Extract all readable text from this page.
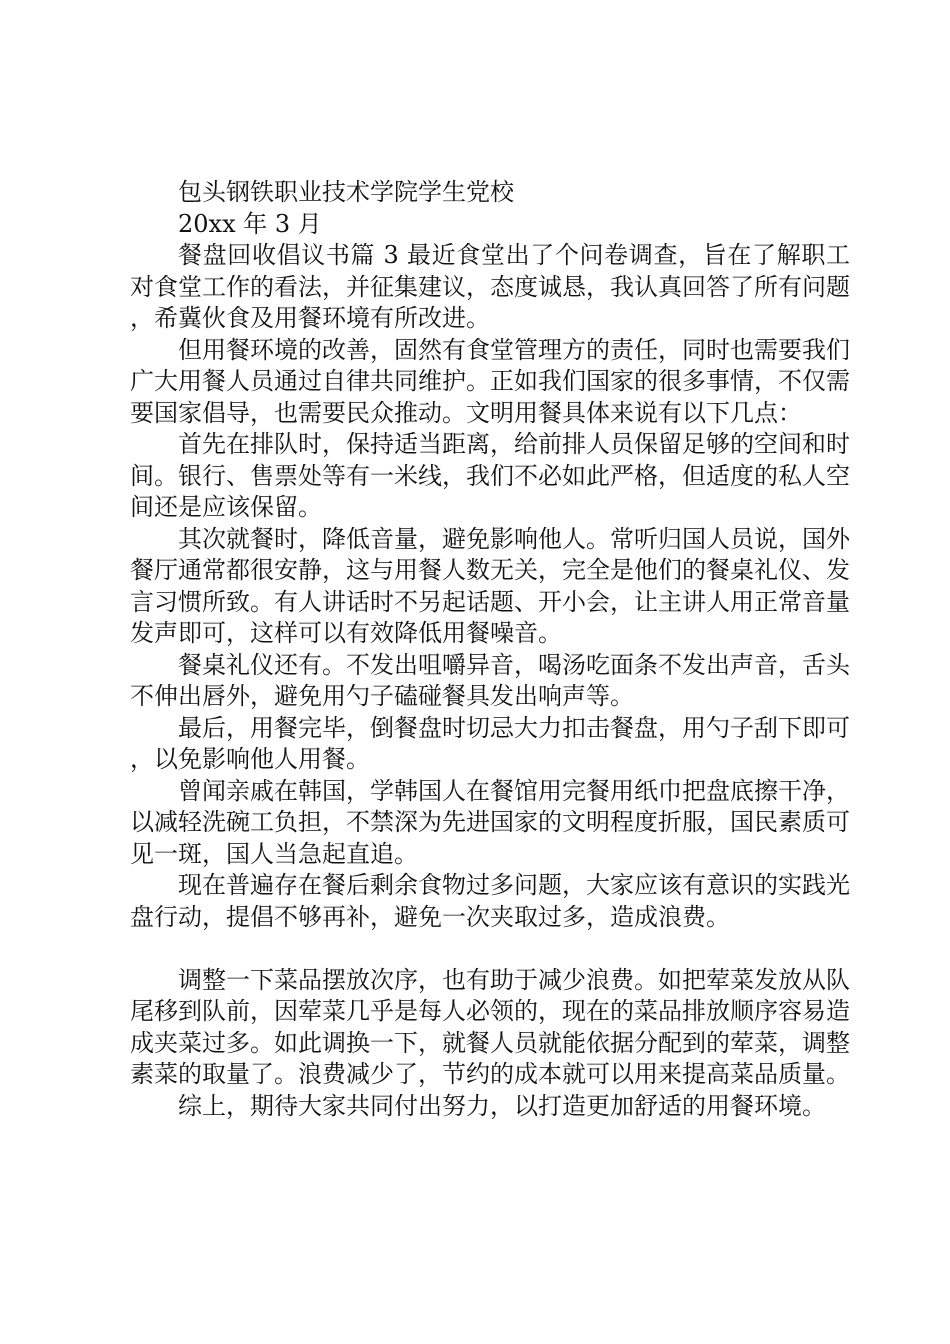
包头钢铁职业技术学院学生党校

20xx 年 3 月

餐盘回收倡议书篇 3 最近食堂出了个问卷调查，旨在了解职工对食堂工作的看法，并征集建议，态度诚恳，我认真回答了所有问题，希冀伙食及用餐环境有所改进。

但用餐环境的改善，固然有食堂管理方的责任，同时也需要我们广大用餐人员通过自律共同维护。正如我们国家的很多事情，不仅需要国家倡导，也需要民众推动。文明用餐具体来说有以下几点：

首先在排队时，保持适当距离，给前排人员保留足够的空间和时间。银行、售票处等有一米线，我们不必如此严格，但适度的私人空间还是应该保留。

其次就餐时，降低音量，避免影响他人。常听归国人员说，国外餐厅通常都很安静，这与用餐人数无关，完全是他们的餐桌礼仪、发言习惯所致。有人讲话时不另起话题、开小会，让主讲人用正常音量发声即可，这样可以有效降低用餐噪音。

餐桌礼仪还有。不发出咀嚼异音，喝汤吃面条不发出声音，舌头不伸出唇外，避免用勺子磕碰餐具发出响声等。

最后，用餐完毕，倒餐盘时切忌大力扣击餐盘，用勺子刮下即可，以免影响他人用餐。

曾闻亲戚在韩国，学韩国人在餐馆用完餐用纸巾把盘底擦干净，以减轻洗碗工负担，不禁深为先进国家的文明程度折服，国民素质可见一斑，国人当急起直追。

现在普遍存在餐后剩余食物过多问题，大家应该有意识的实践光盘行动，提倡不够再补，避免一次夹取过多，造成浪费。

调整一下菜品摆放次序，也有助于减少浪费。如把荤菜发放从队尾移到队前，因荤菜几乎是每人必领的，现在的菜品排放顺序容易造成夹菜过多。如此调换一下，就餐人员就能依据分配到的荤菜，调整素菜的取量了。浪费减少了，节约的成本就可以用来提高菜品质量。

综上，期待大家共同付出努力，以打造更加舒适的用餐环境。
